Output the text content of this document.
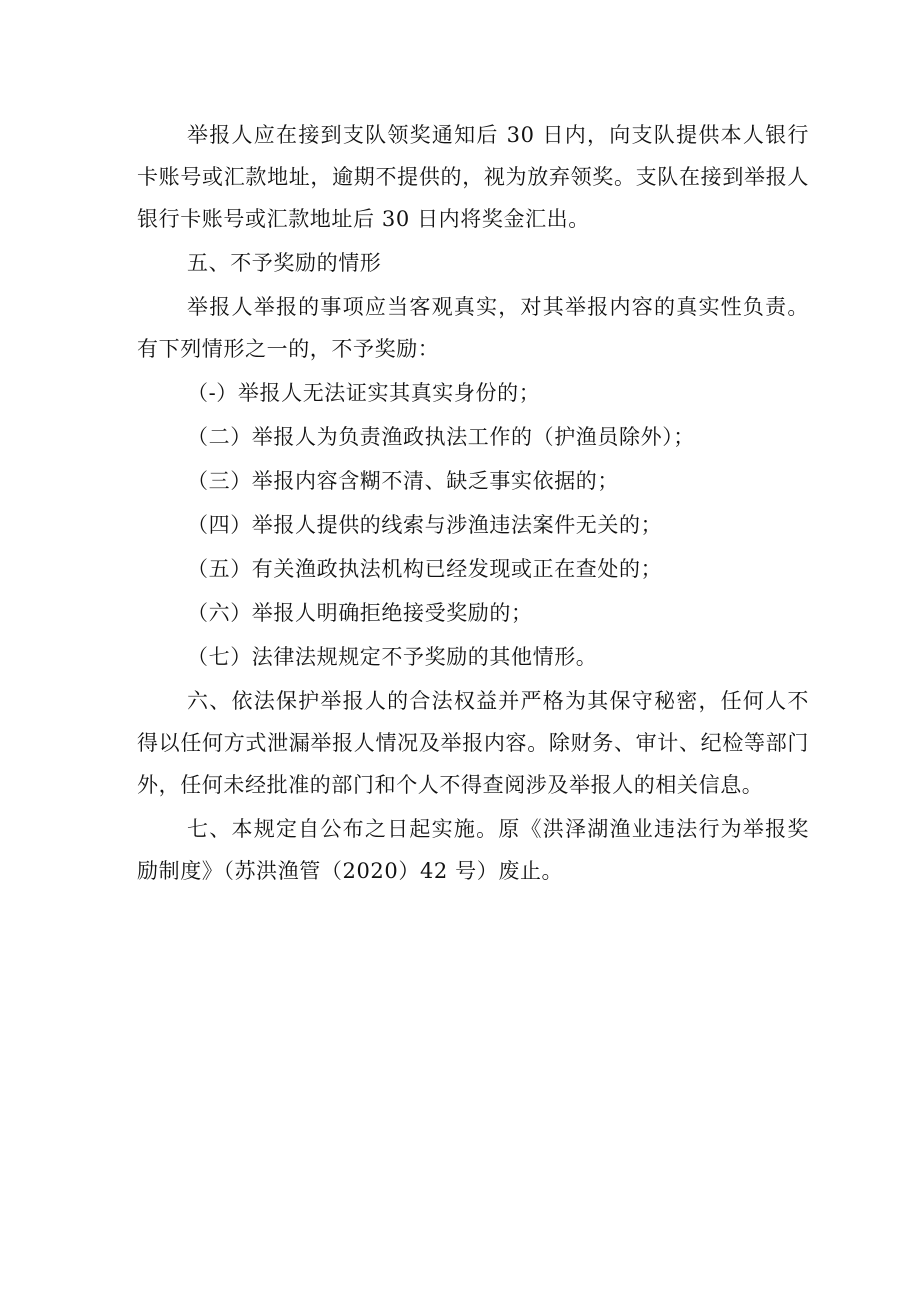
举报人应在接到支队领奖通知后 30 日内，向支队提供本人银行卡账号或汇款地址，逾期不提供的，视为放弃领奖。支队在接到举报人银行卡账号或汇款地址后 30 日内将奖金汇出。

五、不予奖励的情形

举报人举报的事项应当客观真实，对其举报内容的真实性负责。有下列情形之一的，不予奖励：

（-）举报人无法证实其真实身份的；

（二）举报人为负责渔政执法工作的（护渔员除外）；

（三）举报内容含糊不清、缺乏事实依据的；

（四）举报人提供的线索与涉渔违法案件无关的；

（五）有关渔政执法机构已经发现或正在查处的；

（六）举报人明确拒绝接受奖励的；

（七）法律法规规定不予奖励的其他情形。

六、依法保护举报人的合法权益并严格为其保守秘密，任何人不得以任何方式泄漏举报人情况及举报内容。除财务、审计、纪检等部门外，任何未经批准的部门和个人不得查阅涉及举报人的相关信息。

七、本规定自公布之日起实施。原《洪泽湖渔业违法行为举报奖励制度》（苏洪渔管（2020）42 号）废止。
